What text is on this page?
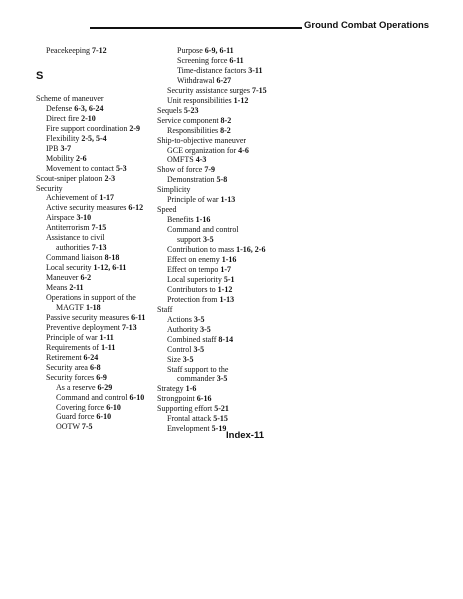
Ground Combat Operations
Peacekeeping 7-12
S
Scheme of maneuver
Defense 6-3, 6-24
Direct fire 2-10
Fire support coordination 2-9
Flexibility 2-5, 5-4
IPB 3-7
Mobility 2-6
Movement to contact 5-3
Scout-sniper platoon 2-3
Security
Achievement of 1-17
Active security measures 6-12
Airspace 3-10
Antiterrorism 7-15
Assistance to civil
authorities 7-13
Command liaison 8-18
Local security 1-12, 6-11
Maneuver 6-2
Means 2-11
Operations in support of the
MAGTF 1-18
Passive security measures 6-11
Preventive deployment 7-13
Principle of war 1-11
Requirements of 1-11
Retirement 6-24
Security area 6-8
Security forces 6-9
As a reserve 6-29
Command and control 6-10
Covering force 6-10
Guard force 6-10
OOTW 7-5
Purpose 6-9, 6-11
Screening force 6-11
Time-distance factors 3-11
Withdrawal 6-27
Security assistance surges 7-15
Unit responsibilities 1-12
Sequels 5-23
Service component 8-2
Responsibilities 8-2
Ship-to-objective maneuver
GCE organization for 4-6
OMFTS 4-3
Show of force 7-9
Demonstration 5-8
Simplicity
Principle of war 1-13
Speed
Benefits 1-16
Command and control
support 3-5
Contribution to mass 1-16, 2-6
Effect on enemy 1-16
Effect on tempo 1-7
Local superiority 5-1
Contributors to 1-12
Protection from 1-13
Staff
Actions 3-5
Authority 3-5
Combined staff 8-14
Control 3-5
Size 3-5
Staff support to the
commander 3-5
Strategy 1-6
Strongpoint 6-16
Supporting effort 5-21
Frontal attack 5-15
Envelopment 5-19
Index-11
